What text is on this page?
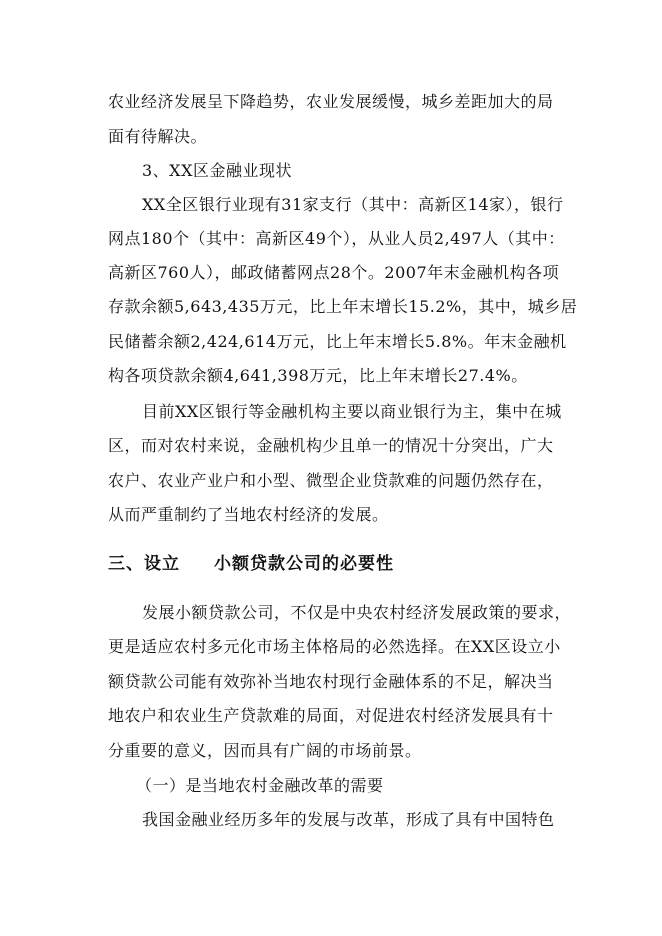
农业经济发展呈下降趋势，农业发展缓慢，城乡差距加大的局
面有待解决。
3、XX区金融业现状
XX全区银行业现有31家支行（其中：高新区14家），银行
网点180个（其中：高新区49个），从业人员2,497人（其中：
高新区760人），邮政储蓄网点28个。2007年末金融机构各项
存款余额5,643,435万元，比上年末增长15.2%，其中，城乡居
民储蓄余额2,424,614万元，比上年末增长5.8%。年末金融机
构各项贷款余额4,641,398万元，比上年末增长27.4%。
目前XX区银行等金融机构主要以商业银行为主，集中在城
区，而对农村来说，金融机构少且单一的情况十分突出，广大
农户、农业产业户和小型、微型企业贷款难的问题仍然存在，
从而严重制约了当地农村经济的发展。
三、设立 小额贷款公司的必要性
发展小额贷款公司，不仅是中央农村经济发展政策的要求，
更是适应农村多元化市场主体格局的必然选择。在XX区设立小
额贷款公司能有效弥补当地农村现行金融体系的不足，解决当
地农户和农业生产贷款难的局面，对促进农村经济发展具有十
分重要的意义，因而具有广阔的市场前景。
（一）是当地农村金融改革的需要
我国金融业经历多年的发展与改革，形成了具有中国特色
